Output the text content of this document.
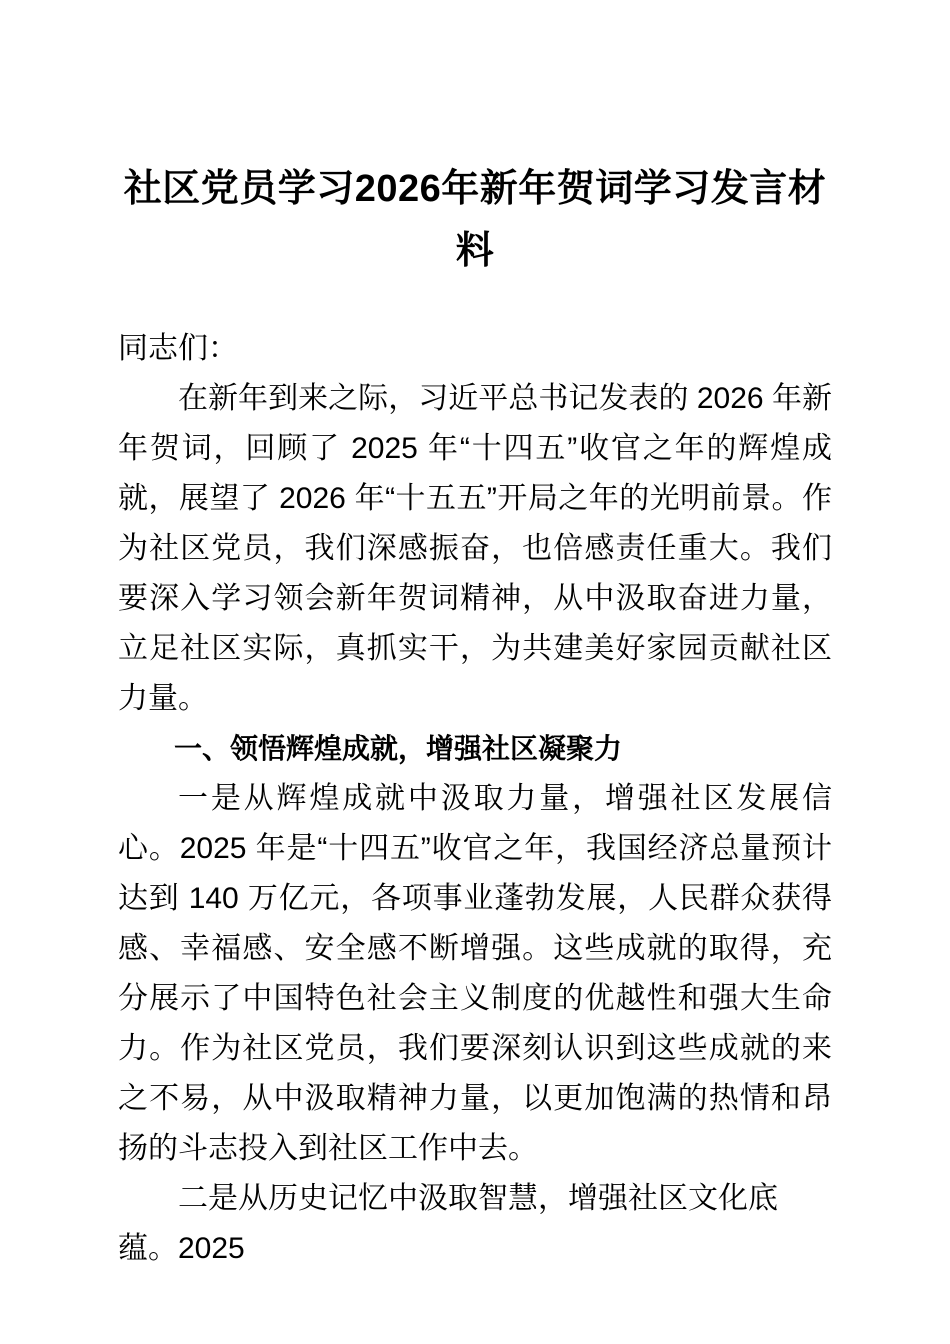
社区党员学习2026年新年贺词学习发言材料

同志们：

在新年到来之际，习近平总书记发表的 2026 年新年贺词，回顾了 2025 年“十四五”收官之年的辉煌成就，展望了 2026 年“十五五”开局之年的光明前景。作为社区党员，我们深感振奋，也倍感责任重大。我们要深入学习领会新年贺词精神，从中汲取奋进力量，立足社区实际，真抓实干，为共建美好家园贡献社区力量。

一、领悟辉煌成就，增强社区凝聚力

一是从辉煌成就中汲取力量，增强社区发展信心。2025 年是“十四五”收官之年，我国经济总量预计达到 140 万亿元，各项事业蓬勃发展，人民群众获得感、幸福感、安全感不断增强。这些成就的取得，充分展示了中国特色社会主义制度的优越性和强大生命力。作为社区党员，我们要深刻认识到这些成就的来之不易，从中汲取精神力量，以更加饱满的热情和昂扬的斗志投入到社区工作中去。

二是从历史记忆中汲取智慧，增强社区文化底蕴。2025
